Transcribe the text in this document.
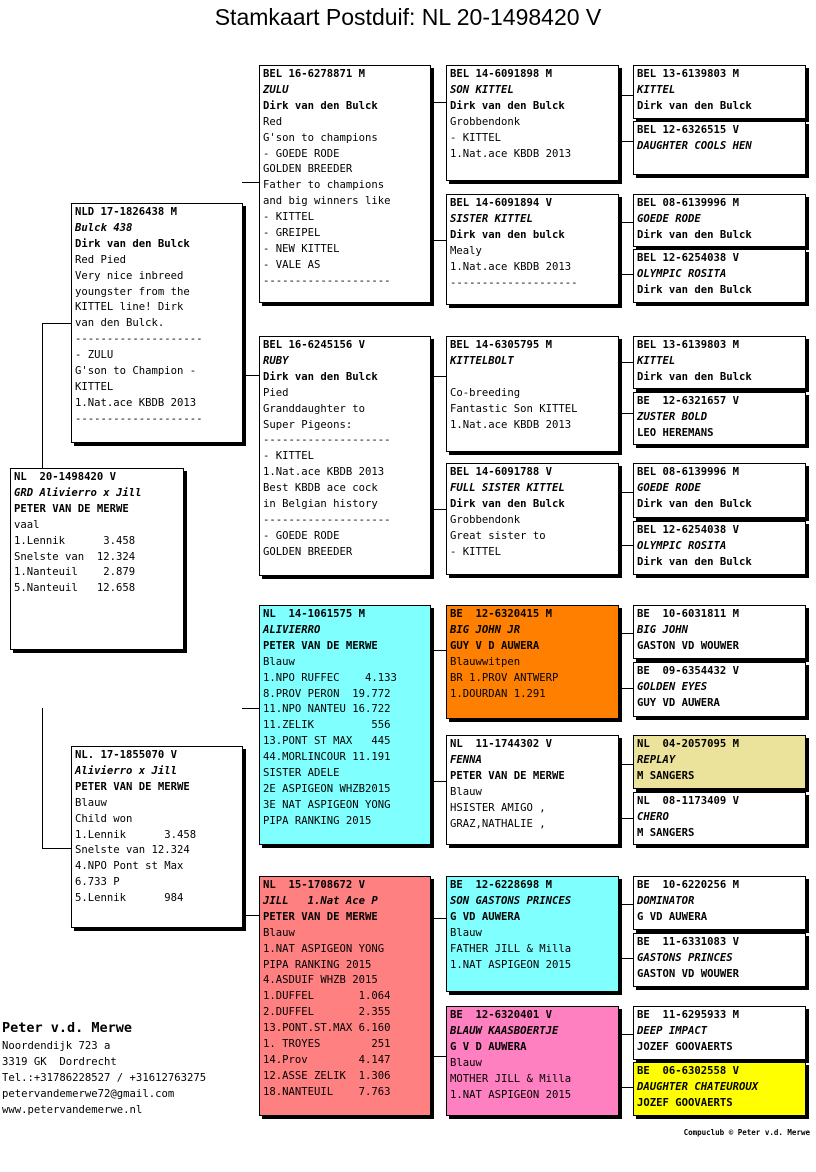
Stamkaart Postduif: NL 20-1498420 V
NL  20-1498420 V
GRD Alivierro x Jill
PETER VAN DE MERWE
vaal
1.Lennik      3.458
Snelste van  12.324
1.Nanteuil    2.879
5.Nanteuil   12.658
NLD 17-1826438 M
Bulck 438
Dirk van den Bulck
Red Pied
Very nice inbreed
youngster from the
KITTEL line! Dirk
van den Bulck.
--------------------
- ZULU
G'son to Champion -
KITTEL
1.Nat.ace KBDB 2013
--------------------
NL. 17-1855070 V
Alivierro x Jill
PETER VAN DE MERWE
Blauw
Child won
1.Lennik      3.458
Snelste van 12.324
4.NPO Pont st Max
6.733 P
5.Lennik      984
BEL 16-6278871 M
ZULU
Dirk van den Bulck
Red
G'son to champions
- GOEDE RODE
GOLDEN BREEDER
Father to champions
and big winners like
- KITTEL
- GREIPEL
- NEW KITTEL
- VALE AS
--------------------
BEL 16-6245156 V
RUBY
Dirk van den Bulck
Pied
Granddaughter to
Super Pigeons:
--------------------
- KITTEL
1.Nat.ace KBDB 2013
Best KBDB ace cock
in Belgian history
--------------------
- GOEDE RODE
GOLDEN BREEDER
NL  14-1061575 M
ALIVIERRO
PETER VAN DE MERWE
Blauw
1.NPO RUFFEC    4.133
8.PROV PERON  19.772
11.NPO NANTEU 16.722
11.ZELIK         556
13.PONT ST MAX   445
44.MORLINCOUR 11.191
SISTER ADELE
2E ASPIGEON WHZB2015
3E NAT ASPIGEON YONG
PIPA RANKING 2015
NL  15-1708672 V
JILL   1.Nat Ace P
PETER VAN DE MERWE
Blauw
1.NAT ASPIGEON YONG
PIPA RANKING 2015
4.ASDUIF WHZB 2015
1.DUFFEL       1.064
2.DUFFEL       2.355
13.PONT.ST.MAX 6.160
1. TROYES        251
14.Prov        4.147
12.ASSE ZELIK  1.306
18.NANTEUIL    7.763
BEL 14-6091898 M
SON KITTEL
Dirk van den Bulck
Grobbendonk
- KITTEL
1.Nat.ace KBDB 2013
BEL 14-6091894 V
SISTER KITTEL
Dirk van den bulck
Mealy
1.Nat.ace KBDB 2013
--------------------
BEL 14-6305795 M
KITTELBOLT
Co-breeding
Fantastic Son KITTEL
1.Nat.ace KBDB 2013
BEL 14-6091788 V
FULL SISTER KITTEL
Dirk van den Bulck
Grobbendonk
Great sister to
- KITTEL
BE  12-6320415 M
BIG JOHN JR
GUY V D AUWERA
Blauwwitpen
BR 1.PROV ANTWERP
1.DOURDAN 1.291
NL  11-1744302 V
FENNA
PETER VAN DE MERWE
Blauw
HSISTER AMIGO ,
GRAZ,NATHALIE ,
BE  12-6228698 M
SON GASTONS PRINCES
G VD AUWERA
Blauw
FATHER JILL & Milla
1.NAT ASPIGEON 2015
BE  12-6320401 V
BLAUW KAASBOERTJE
G V D AUWERA
Blauw
MOTHER JILL & Milla
1.NAT ASPIGEON 2015
BEL 13-6139803 M
KITTEL
Dirk van den Bulck
BEL 12-6326515 V
DAUGHTER COOLS HEN
BEL 08-6139996 M
GOEDE RODE
Dirk van den Bulck
BEL 12-6254038 V
OLYMPIC ROSITA
Dirk van den Bulck
BEL 13-6139803 M
KITTEL
Dirk van den Bulck
BE  12-6321657 V
ZUSTER BOLD
LEO HEREMANS
BEL 08-6139996 M
GOEDE RODE
Dirk van den Bulck
BEL 12-6254038 V
OLYMPIC ROSITA
Dirk van den Bulck
BE  10-6031811 M
BIG JOHN
GASTON VD WOUWER
BE  09-6354432 V
GOLDEN EYES
GUY VD AUWERA
NL  04-2057095 M
REPLAY
M SANGERS
NL  08-1173409 V
CHERO
M SANGERS
BE  10-6220256 M
DOMINATOR
G VD AUWERA
BE  11-6331083 V
GASTONS PRINCES
GASTON VD WOUWER
BE  11-6295933 M
DEEP IMPACT
JOZEF GOOVAERTS
BE  06-6302558 V
DAUGHTER CHATEUROUX
JOZEF GOOVAERTS
Peter v.d. Merwe
Noordendijk 723 a
3319 GK  Dordrecht
Tel.:+31786228527 / +31612763275
petervandemerwe72@gmail.com
www.petervandemerwe.nl
Compuclub © Peter v.d. Merwe
